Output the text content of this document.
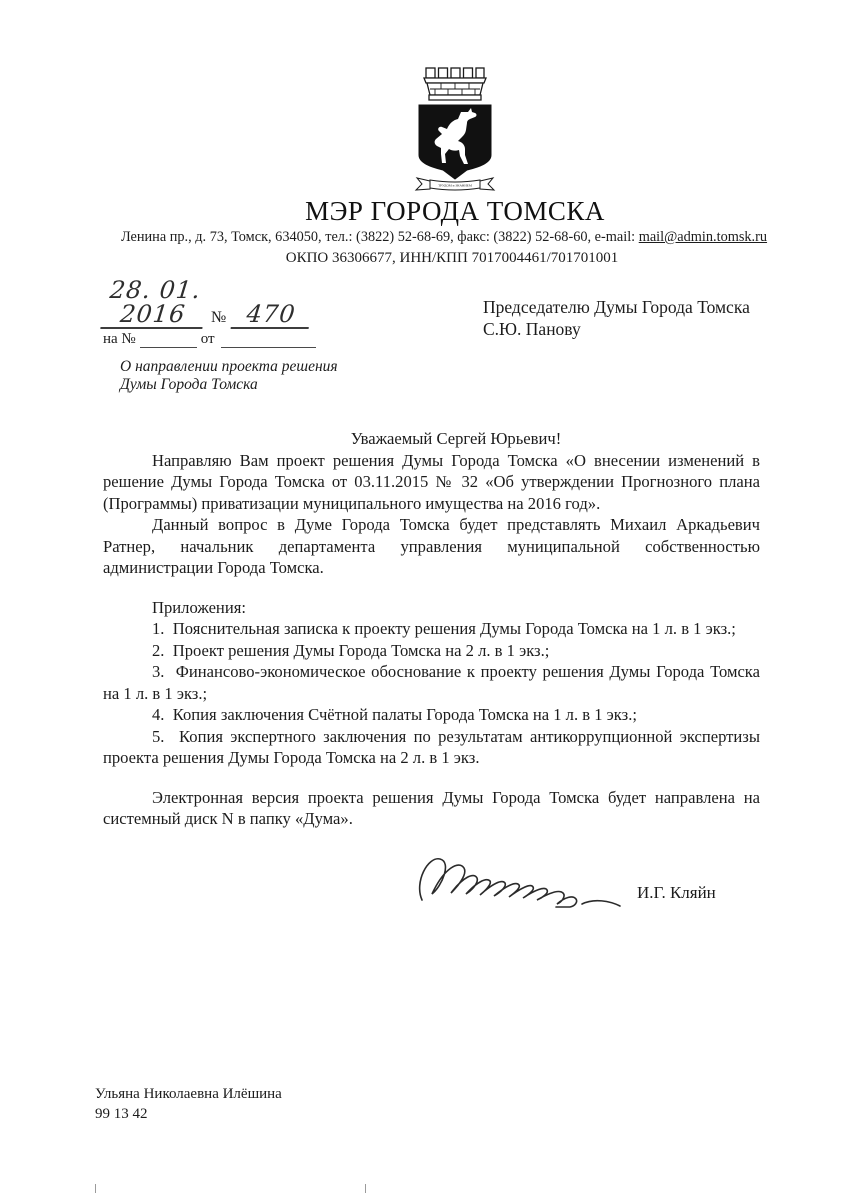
ТРУДОМ и ЗНАНИЕМ
МЭР ГОРОДА ТОМСКА
Ленина пр., д. 73, Томск, 634050, тел.: (3822) 52-68-69, факс: (3822) 52-68-60, e-mail: mail@admin.tomsk.ru
ОКПО 36306677, ИНН/КПП 7017004461/701701001
28. 01. 2016	№ 470
на №	от
Председателю Думы Города Томска
С.Ю. Панову
О направлении проекта решения
Думы Города Томска

Уважаемый Сергей Юрьевич!

Направляю Вам проект решения Думы Города Томска «О внесении изменений в решение Думы Города Томска от 03.11.2015 № 32 «Об утверждении Прогнозного плана (Программы) приватизации муниципального имущества на 2016 год».

Данный вопрос в Думе Города Томска будет представлять Михаил Аркадьевич Ратнер, начальник департамента управления муниципальной собственностью администрации Города Томска.

Приложения:

1.  Пояснительная записка к проекту решения Думы Города Томска на 1 л. в 1 экз.;

2.  Проект решения Думы Города Томска на 2 л. в 1 экз.;

3.  Финансово-экономическое обоснование к проекту решения Думы Города Томска на 1 л. в 1 экз.;

4.  Копия заключения Счётной палаты Города Томска на 1 л. в 1 экз.;

5.  Копия экспертного заключения по результатам антикоррупционной экспертизы проекта решения Думы Города Томска на 2 л. в 1 экз.

Электронная версия проекта решения Думы Города Томска будет направлена на системный диск N в папку «Дума».

И.Г. Кляйн
Ульяна Николаевна Илёшина
99 13 42
